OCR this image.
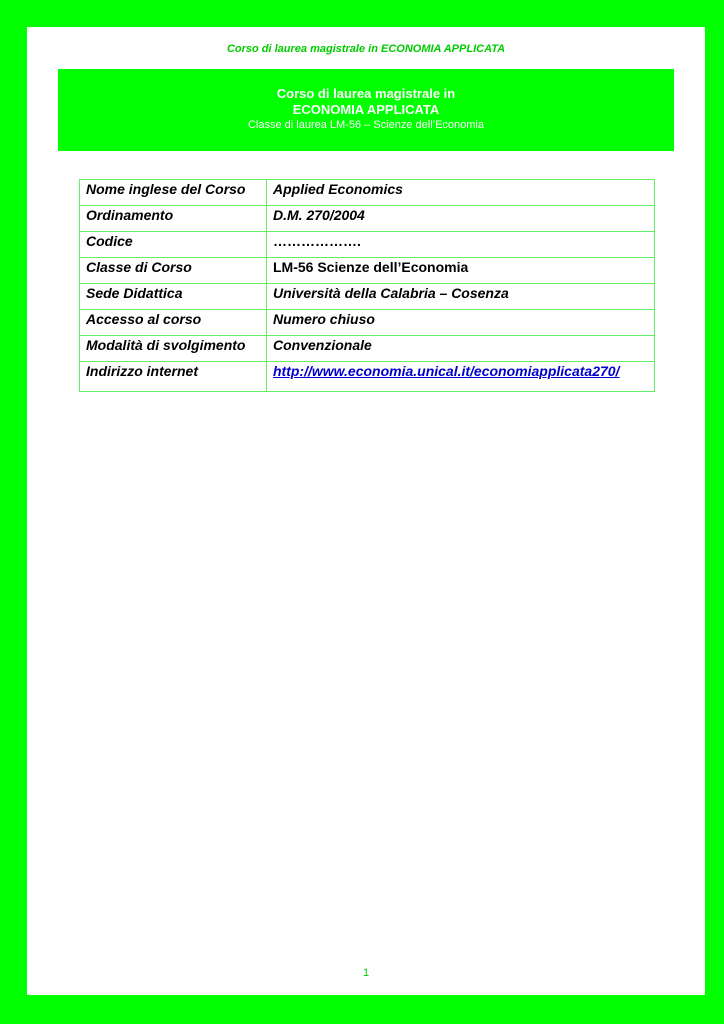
Corso di laurea magistrale in ECONOMIA APPLICATA
Corso di laurea magistrale in
ECONOMIA APPLICATA
Classe di laurea LM-56 – Scienze dell’Economia
Nome inglese del Corso	Applied Economics
Ordinamento	D.M. 270/2004
Codice	……………….
Classe di Corso	LM-56 Scienze dell’Economia
Sede Didattica	Università della Calabria – Cosenza
Accesso al corso	Numero chiuso
Modalità di svolgimento	Convenzionale
Indirizzo internet	http://www.economia.unical.it/economiapplicata270/
1
